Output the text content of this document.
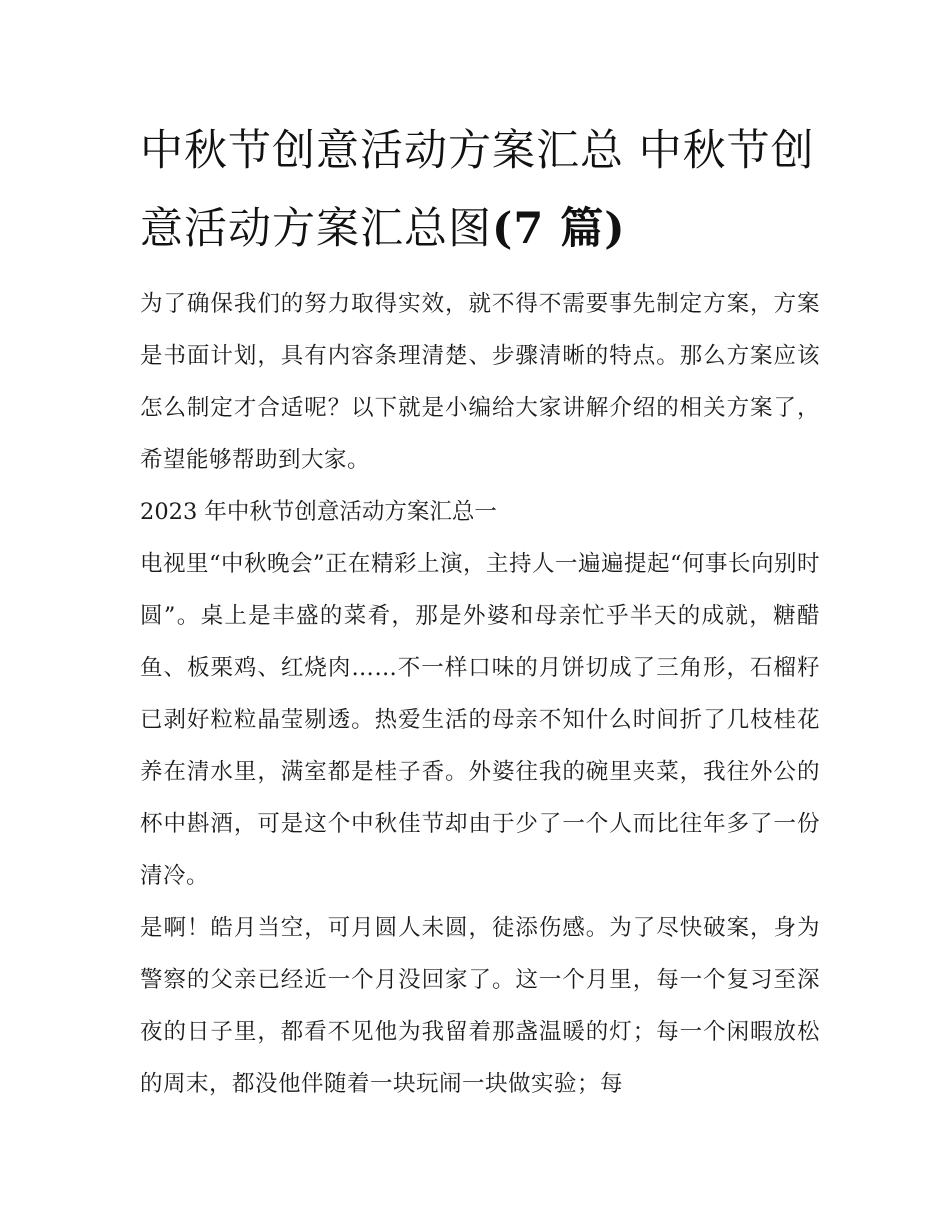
中秋节创意活动方案汇总 中秋节创意活动方案汇总图(7 篇)

为了确保我们的努力取得实效，就不得不需要事先制定方案，方案是书面计划，具有内容条理清楚、步骤清晰的特点。那么方案应该怎么制定才合适呢？以下就是小编给大家讲解介绍的相关方案了，希望能够帮助到大家。

2023 年中秋节创意活动方案汇总一

电视里“中秋晚会”正在精彩上演，主持人一遍遍提起“何事长向别时圆”。桌上是丰盛的菜肴，那是外婆和母亲忙乎半天的成就，糖醋鱼、板栗鸡、红烧肉……不一样口味的月饼切成了三角形，石榴籽已剥好粒粒晶莹剔透。热爱生活的母亲不知什么时间折了几枝桂花养在清水里，满室都是桂子香。外婆往我的碗里夹菜，我往外公的杯中斟酒，可是这个中秋佳节却由于少了一个人而比往年多了一份清冷。

是啊！皓月当空，可月圆人未圆，徒添伤感。为了尽快破案，身为警察的父亲已经近一个月没回家了。这一个月里，每一个复习至深夜的日子里，都看不见他为我留着那盏温暖的灯；每一个闲暇放松的周末，都没他伴随着一块玩闹一块做实验；每
